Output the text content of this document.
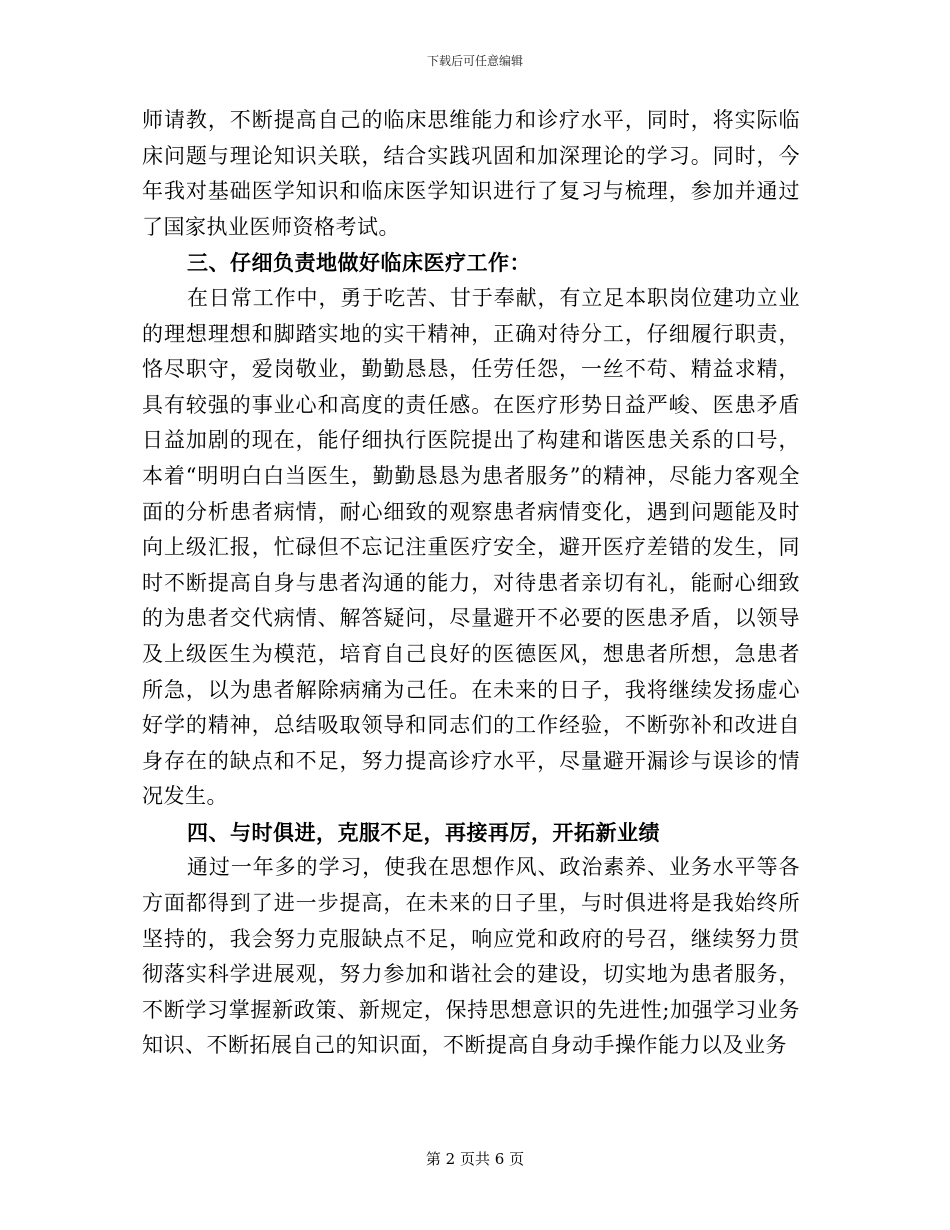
下载后可任意编辑

师请教，不断提高自己的临床思维能力和诊疗水平，同时，将实际临床问题与理论知识关联，结合实践巩固和加深理论的学习。同时，今年我对基础医学知识和临床医学知识进行了复习与梳理，参加并通过了国家执业医师资格考试。

三、仔细负责地做好临床医疗工作：

在日常工作中，勇于吃苦、甘于奉献，有立足本职岗位建功立业的理想理想和脚踏实地的实干精神，正确对待分工，仔细履行职责，恪尽职守，爱岗敬业，勤勤恳恳，任劳任怨，一丝不苟、精益求精，具有较强的事业心和高度的责任感。在医疗形势日益严峻、医患矛盾日益加剧的现在，能仔细执行医院提出了构建和谐医患关系的口号，本着“明明白白当医生，勤勤恳恳为患者服务”的精神，尽能力客观全面的分析患者病情，耐心细致的观察患者病情变化，遇到问题能及时向上级汇报，忙碌但不忘记注重医疗安全，避开医疗差错的发生，同时不断提高自身与患者沟通的能力，对待患者亲切有礼，能耐心细致的为患者交代病情、解答疑问，尽量避开不必要的医患矛盾，以领导及上级医生为模范，培育自己良好的医德医风，想患者所想，急患者所急，以为患者解除病痛为己任。在未来的日子，我将继续发扬虚心好学的精神，总结吸取领导和同志们的工作经验，不断弥补和改进自身存在的缺点和不足，努力提高诊疗水平，尽量避开漏诊与误诊的情况发生。

四、与时俱进，克服不足，再接再厉，开拓新业绩

通过一年多的学习，使我在思想作风、政治素养、业务水平等各方面都得到了进一步提高，在未来的日子里，与时俱进将是我始终所坚持的，我会努力克服缺点不足，响应党和政府的号召，继续努力贯彻落实科学进展观，努力参加和谐社会的建设，切实地为患者服务，不断学习掌握新政策、新规定，保持思想意识的先进性;加强学习业务知识、不断拓展自己的知识面，不断提高自身动手操作能力以及业务

第 2 页共 6 页
